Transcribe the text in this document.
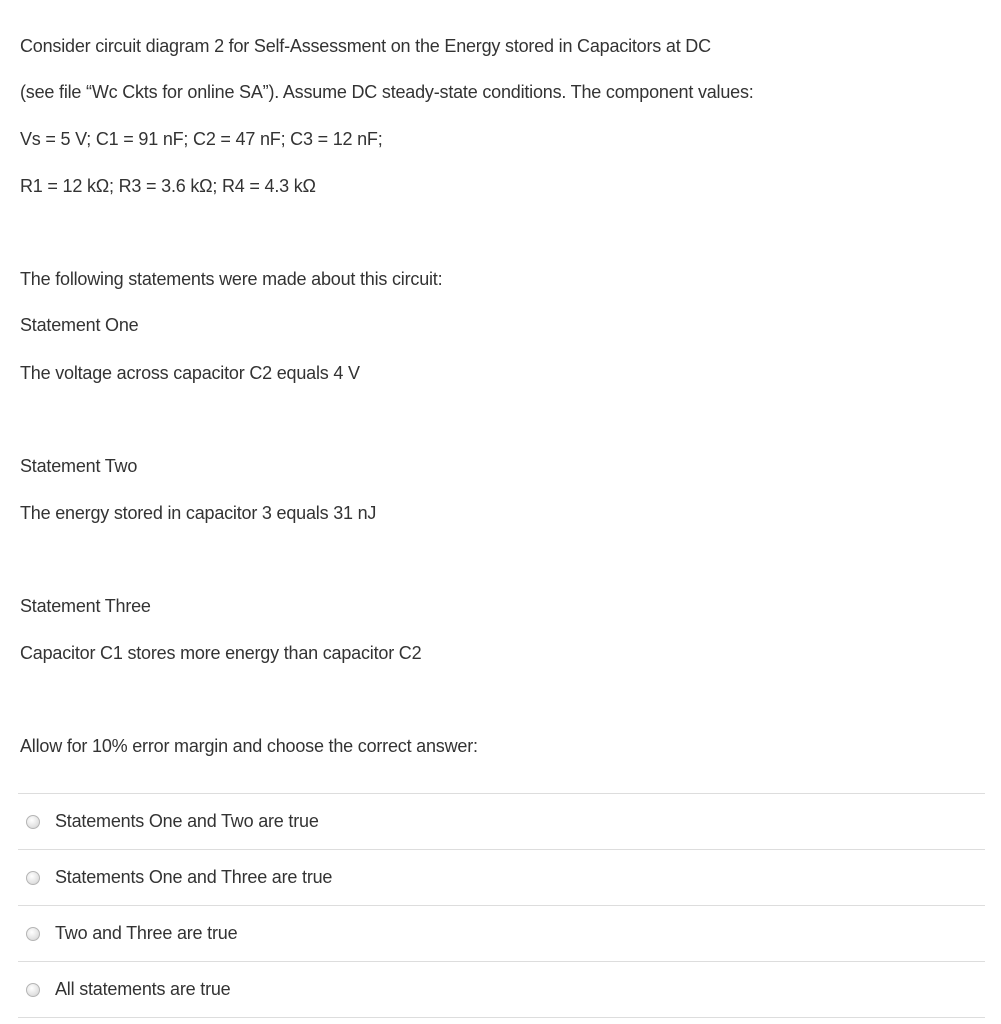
Consider circuit diagram 2 for Self-Assessment on the Energy stored in Capacitors at DC
(see file “Wc Ckts for online SA”). Assume DC steady-state conditions. The component values:
Vs = 5 V; C1 = 91 nF; C2 = 47 nF; C3 = 12 nF;
R1 = 12 kΩ; R3 = 3.6 kΩ; R4 = 4.3 kΩ
The following statements were made about this circuit:
Statement One
The voltage across capacitor C2 equals 4 V
Statement Two
The energy stored in capacitor 3 equals 31 nJ
Statement Three
Capacitor C1 stores more energy than capacitor C2
Allow for 10% error margin and choose the correct answer:
Statements One and Two are true
Statements One and Three are true
Two and Three are true
All statements are true
